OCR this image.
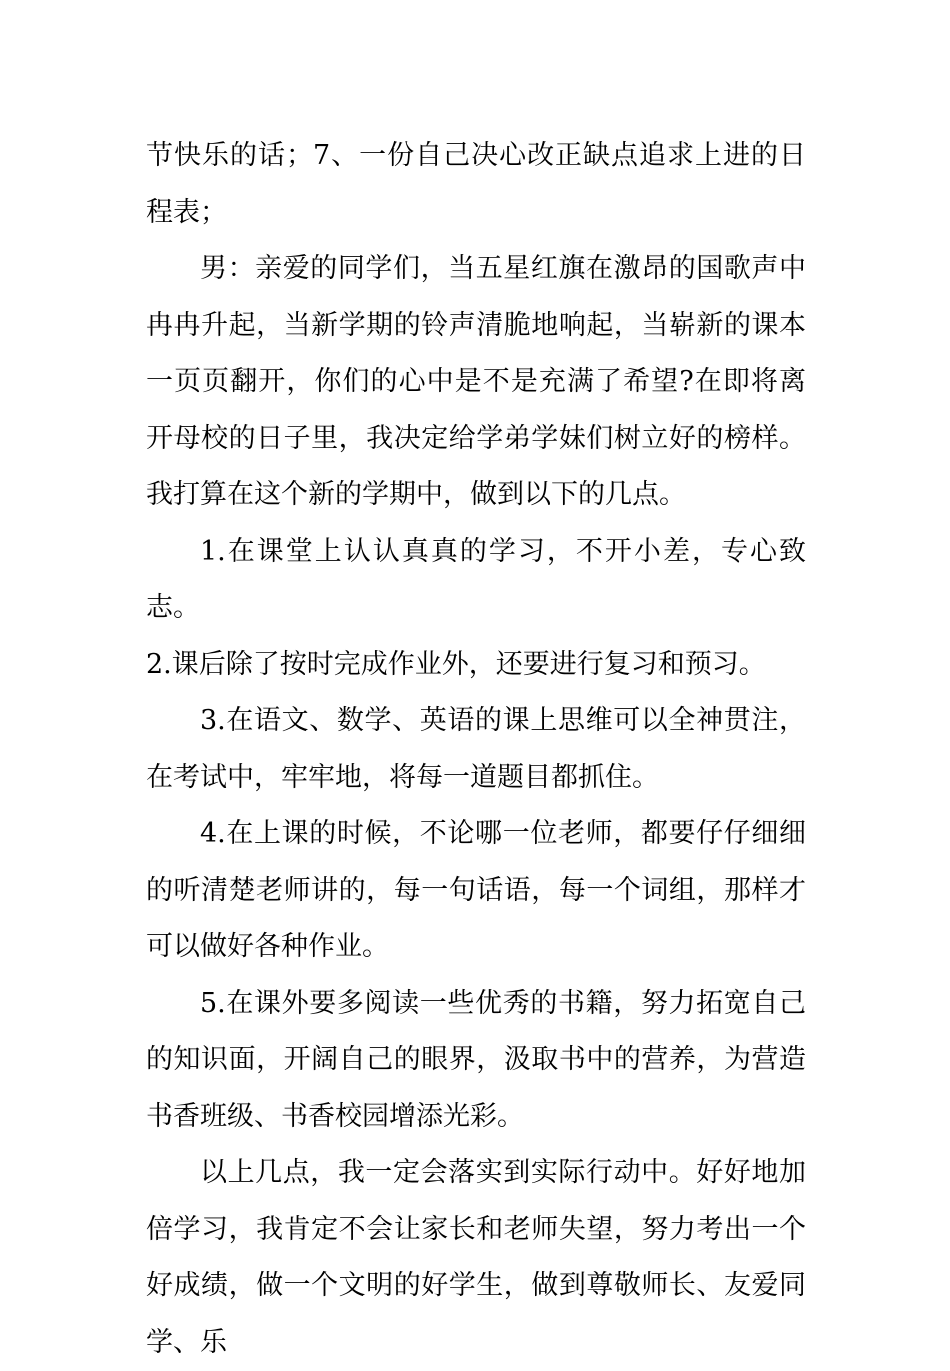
节快乐的话；7、一份自己决心改正缺点追求上进的日程表；

男：亲爱的同学们，当五星红旗在激昂的国歌声中冉冉升起，当新学期的铃声清脆地响起，当崭新的课本一页页翻开，你们的心中是不是充满了希望?在即将离开母校的日子里，我决定给学弟学妹们树立好的榜样。我打算在这个新的学期中，做到以下的几点。

1.在课堂上认认真真的学习，不开小差，专心致志。

2.课后除了按时完成作业外，还要进行复习和预习。

3.在语文、数学、英语的课上思维可以全神贯注，在考试中，牢牢地，将每一道题目都抓住。

4.在上课的时候，不论哪一位老师，都要仔仔细细的听清楚老师讲的，每一句话语，每一个词组，那样才可以做好各种作业。

5.在课外要多阅读一些优秀的书籍，努力拓宽自己的知识面，开阔自己的眼界，汲取书中的营养，为营造书香班级、书香校园增添光彩。

以上几点，我一定会落实到实际行动中。好好地加倍学习，我肯定不会让家长和老师失望，努力考出一个好成绩，做一个文明的好学生，做到尊敬师长、友爱同学、乐
